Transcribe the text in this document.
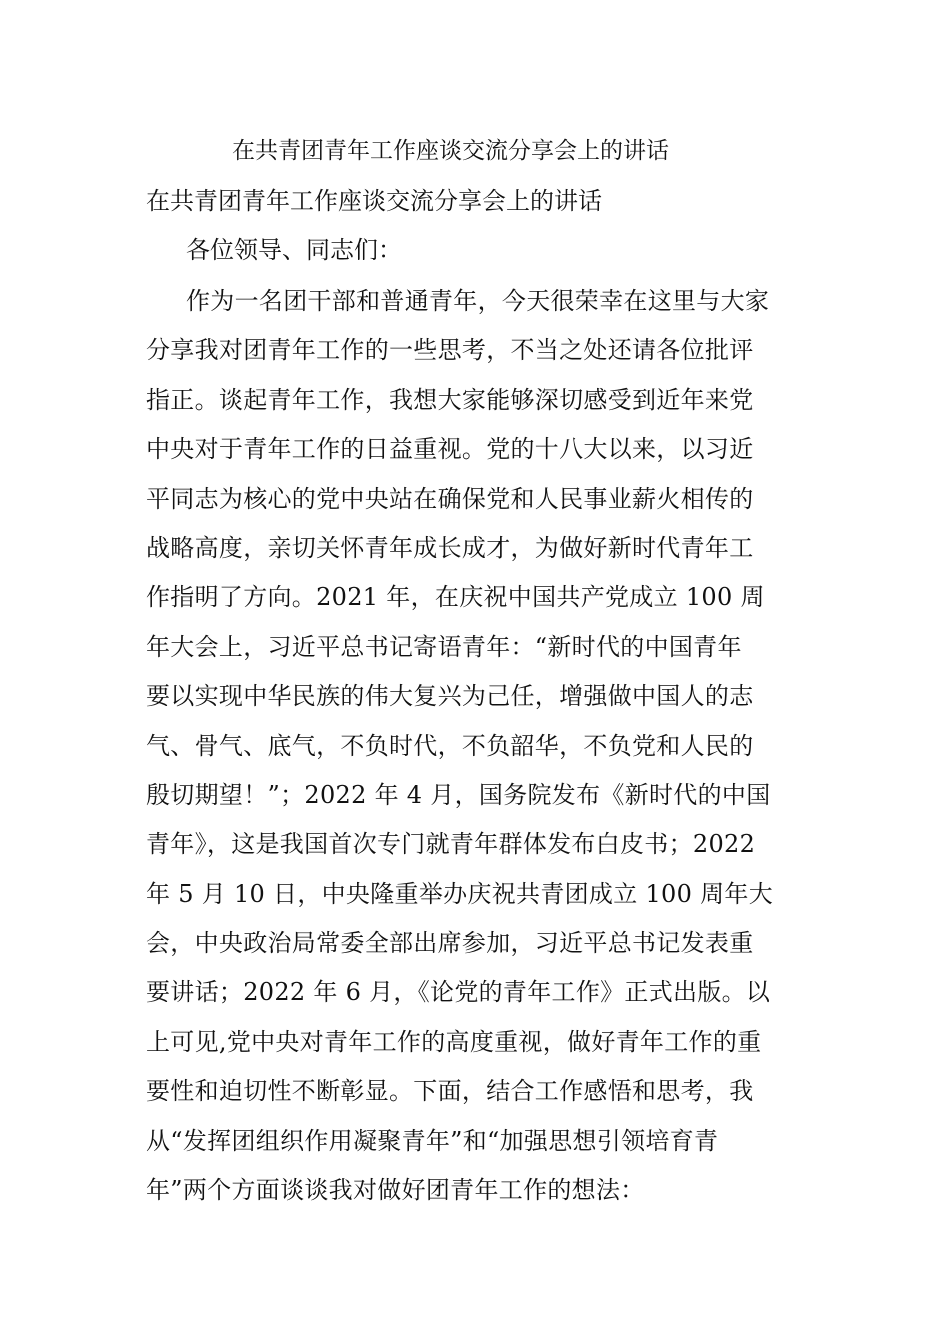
在共青团青年工作座谈交流分享会上的讲话
在共青团青年工作座谈交流分享会上的讲话

各位领导、同志们：

作为一名团干部和普通青年，今天很荣幸在这里与大家
分享我对团青年工作的一些思考，不当之处还请各位批评
指正。谈起青年工作，我想大家能够深切感受到近年来党
中央对于青年工作的日益重视。党的十八大以来，以习近
平同志为核心的党中央站在确保党和人民事业薪火相传的
战略高度，亲切关怀青年成长成才，为做好新时代青年工
作指明了方向。2021 年，在庆祝中国共产党成立 100 周
年大会上，习近平总书记寄语青年：“新时代的中国青年
要以实现中华民族的伟大复兴为己任，增强做中国人的志
气、骨气、底气，不负时代，不负韶华，不负党和人民的
殷切期望！”；2022 年 4 月，国务院发布《新时代的中国
青年》，这是我国首次专门就青年群体发布白皮书；2022
年 5 月 10 日，中央隆重举办庆祝共青团成立 100 周年大
会，中央政治局常委全部出席参加，习近平总书记发表重
要讲话；2022 年 6 月，《论党的青年工作》正式出版。以
上可见,党中央对青年工作的高度重视，做好青年工作的重
要性和迫切性不断彰显。下面，结合工作感悟和思考，我
从“发挥团组织作用凝聚青年”和“加强思想引领培育青
年”两个方面谈谈我对做好团青年工作的想法：
